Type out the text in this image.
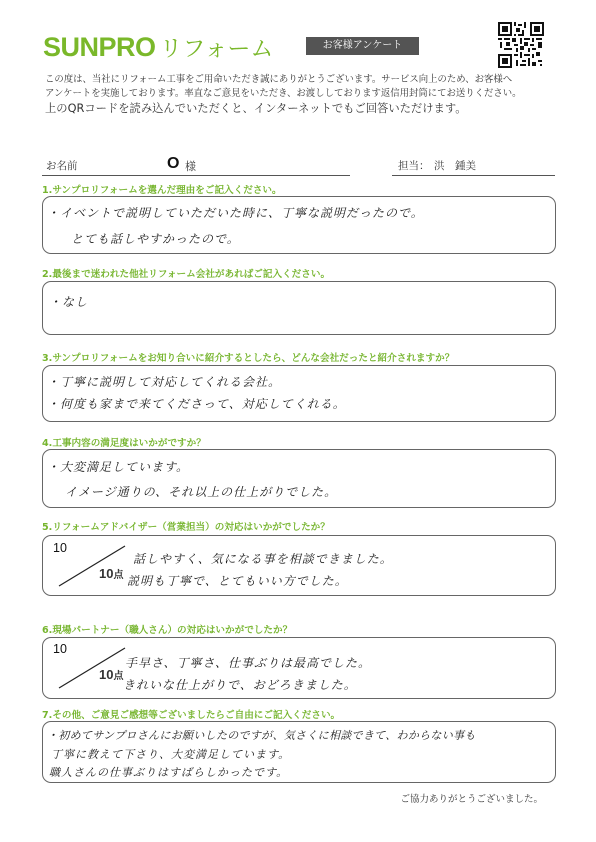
SUNPRO リフォーム	お客様アンケート
この度は、当社にリフォーム工事をご用命いただき誠にありがとうございます。サービス向上のため、お客様へ
アンケートを実施しております。率直なご意見をいただき、お渡ししております返信用封筒にてお送りください。
上のQRコードを読み込んでいただくと、インターネットでもご回答いただけます。
お名前	O 様	担当： 洪　鍾美
1.サンプロリフォームを選んだ理由をご記入ください。
・イベントで説明していただいた時に、丁寧な説明だったので。
とても話しやすかったので。
2.最後まで迷われた他社リフォーム会社があればご記入ください。
・なし
3.サンプロリフォームをお知り合いに紹介するとしたら、どんな会社だったと紹介されますか？
・丁寧に説明して対応してくれる会社。
・何度も家まで来てくださって、対応してくれる。
4.工事内容の満足度はいかがですか？
・大変満足しています。
イメージ通りの、それ以上の仕上がりでした。
5.リフォームアドバイザー（営業担当）の対応はいかがでしたか？
10
10点
話しやすく、気になる事を相談できました。
説明も丁寧で、とてもいい方でした。
6.現場パートナー（職人さん）の対応はいかがでしたか？
10
10点
手早さ、丁寧さ、仕事ぶりは最高でした。
きれいな仕上がりで、おどろきました。
7.その他、ご意見ご感想等ございましたらご自由にご記入ください。
・初めてサンプロさんにお願いしたのですが、気さくに相談できて、わからない事も
丁寧に教えて下さり、大変満足しています。
職人さんの仕事ぶりはすばらしかったです。
ご協力ありがとうございました。
